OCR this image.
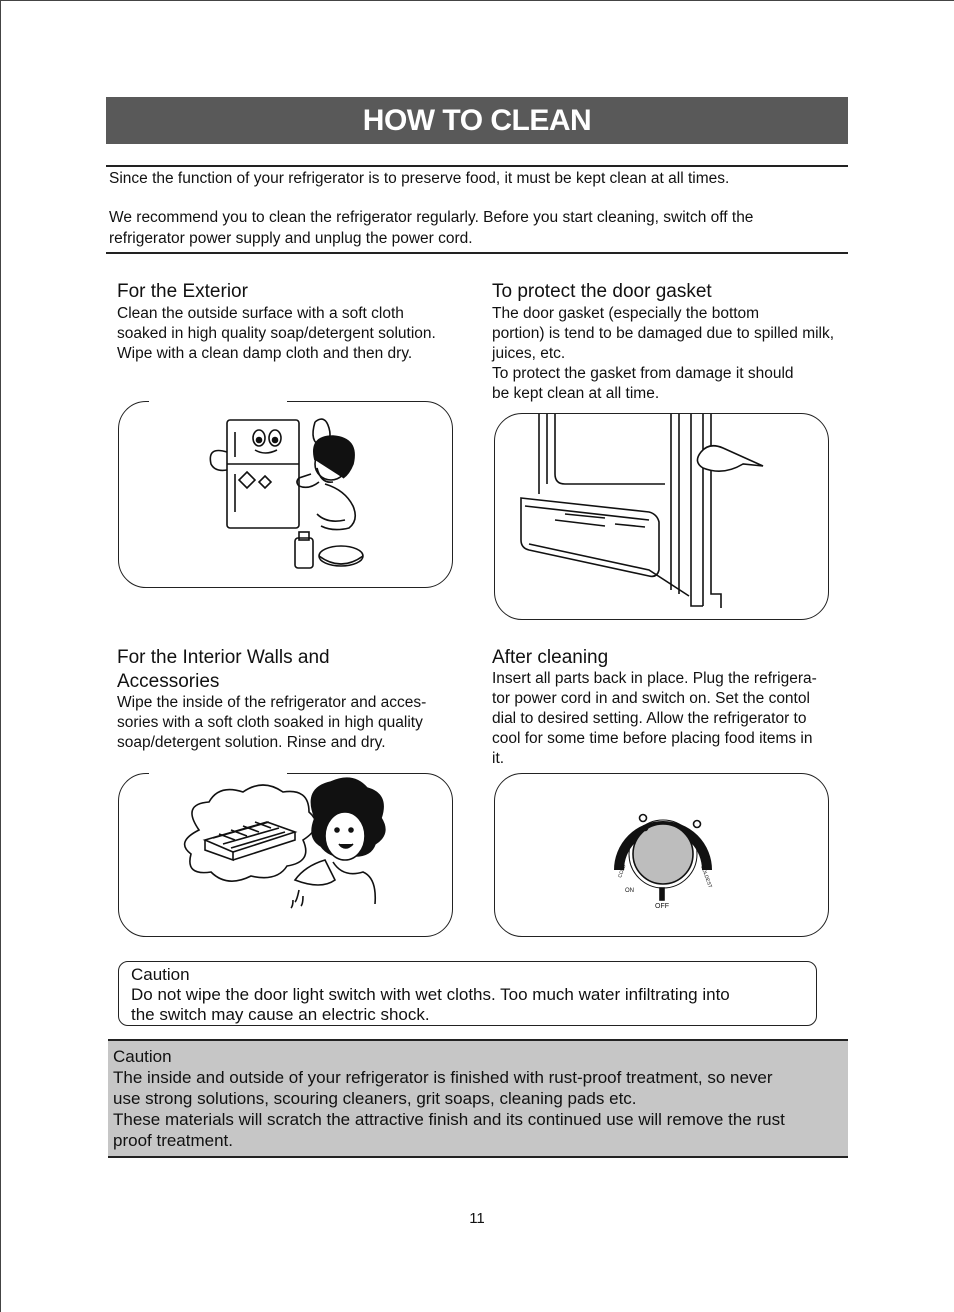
HOW TO CLEAN
Since the function of your refrigerator is to preserve food, it must be kept clean at all times.
We recommend you to clean the refrigerator regularly. Before you start cleaning, switch off the
refrigerator power supply and unplug the power cord.
For the Exterior
Clean the outside surface with a soft cloth
soaked in high quality soap/detergent solution.
Wipe with a clean damp cloth and then dry.
To protect the door gasket
The door gasket (especially the bottom
portion) is tend to be damaged due to spilled milk,
juices, etc.
To protect the gasket from damage it should
be kept clean at all time.
For the Interior Walls and
Accessories
Wipe the inside of the refrigerator and acces-
sories with a soft cloth soaked in high quality
soap/detergent solution. Rinse and dry.
After cleaning
Insert all parts back in place. Plug the refrigera-
tor power cord in and switch on. Set the contol
dial to desired setting. Allow the refrigerator to
cool for some time before placing food items in
it.
ON
OFF
COLD	COLDEST
Caution
Do not wipe the door light switch with wet cloths. Too much water infiltrating into
the switch may cause an electric shock.
Caution
The inside and outside of your refrigerator is finished with rust-proof treatment, so never
use strong solutions, scouring cleaners, grit soaps, cleaning pads etc.
These materials will scratch the attractive finish and its continued use will remove the rust
proof treatment.
11
